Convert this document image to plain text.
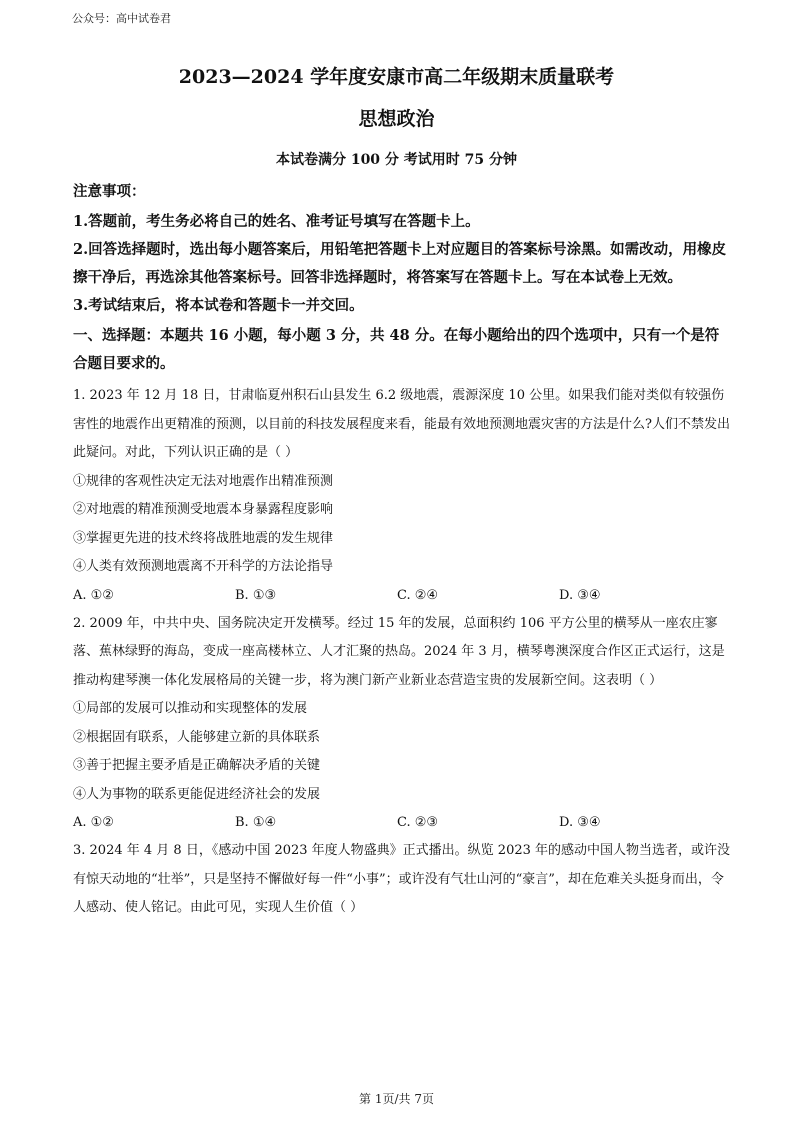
公众号：高中试卷君
2023—2024 学年度安康市高二年级期末质量联考
思想政治
本试卷满分 100 分 考试用时 75 分钟

注意事项：

1.答题前，考生务必将自己的姓名、准考证号填写在答题卡上。

2.回答选择题时，选出每小题答案后，用铅笔把答题卡上对应题目的答案标号涂黑。如需改动，用橡皮擦干净后，再选涂其他答案标号。回答非选择题时，将答案写在答题卡上。写在本试卷上无效。

3.考试结束后，将本试卷和答题卡一并交回。

一、选择题：本题共 16 小题，每小题 3 分，共 48 分。在每小题给出的四个选项中，只有一个是符合题目要求的。

1. 2023 年 12 月 18 日，甘肃临夏州积石山县发生 6.2 级地震，震源深度 10 公里。如果我们能对类似有较强伤害性的地震作出更精准的预测，以目前的科技发展程度来看，能最有效地预测地震灾害的方法是什么?人们不禁发出此疑问。对此，下列认识正确的是（ ）

①规律的客观性决定无法对地震作出精准预测

②对地震的精准预测受地震本身暴露程度影响

③掌握更先进的技术终将战胜地震的发生规律

④人类有效预测地震离不开科学的方法论指导

A. ①②	B. ①③	C. ②④	D. ③④

2. 2009 年，中共中央、国务院决定开发横琴。经过 15 年的发展，总面积约 106 平方公里的横琴从一座农庄寥落、蕉林绿野的海岛，变成一座高楼林立、人才汇聚的热岛。2024 年 3 月，横琴粤澳深度合作区正式运行，这是推动构建琴澳一体化发展格局的关键一步，将为澳门新产业新业态营造宝贵的发展新空间。这表明（ ）

①局部的发展可以推动和实现整体的发展

②根据固有联系，人能够建立新的具体联系

③善于把握主要矛盾是正确解决矛盾的关键

④人为事物的联系更能促进经济社会的发展

A. ①②	B. ①④	C. ②③	D. ③④

3. 2024 年 4 月 8 日，《感动中国 2023 年度人物盛典》正式播出。纵览 2023 年的感动中国人物当选者，或许没有惊天动地的“壮举”，只是坚持不懈做好每一件“小事”；或许没有气壮山河的“豪言”，却在危难关头挺身而出，令人感动、使人铭记。由此可见，实现人生价值（ ）

第 1页/共 7页
